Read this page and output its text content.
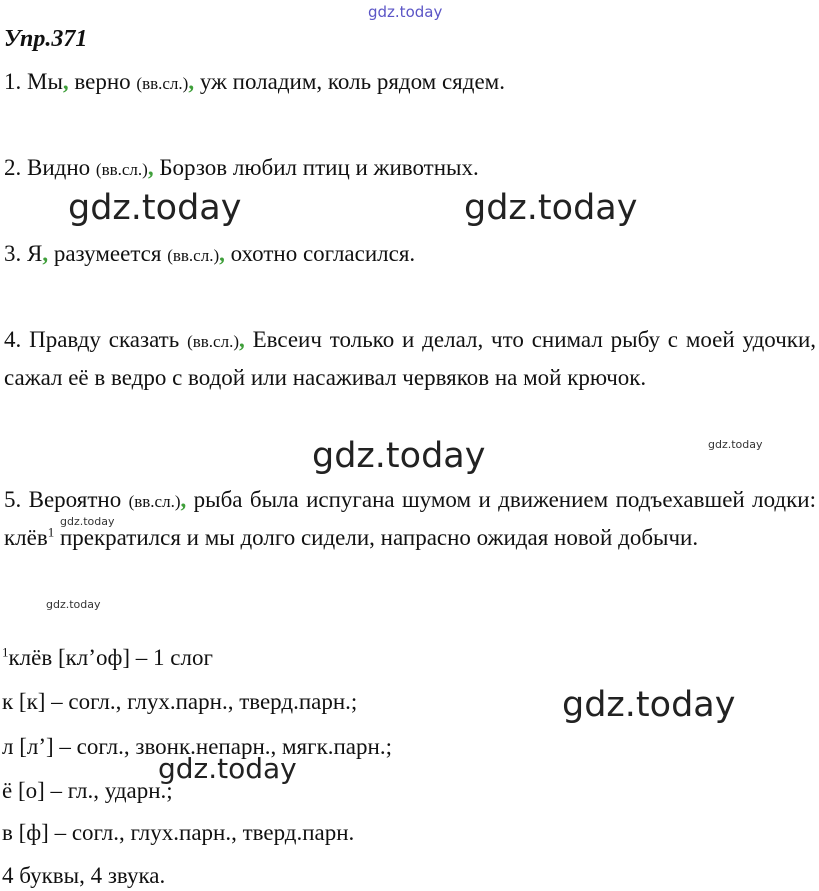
gdz.today
Упр.371

1. Мы, верно (вв.сл.), уж поладим, коль рядом сядем.

2. Видно (вв.сл.), Борзов любил птиц и животных.

gdz.today	gdz.today

3. Я, разумеется (вв.сл.), охотно согласился.

4. Правду сказать (вв.сл.), Евсеич только и делал, что снимал рыбу с моей удочки, сажал её в ведро с водой или насаживал червяков на мой крючок.

gdz.today	gdz.today

5. Вероятно (вв.сл.), рыба была испугана шумом и движением подъехавшей лодки: клёв$^1$ прекратился и мы долго сидели, напрасно ожидая новой добычи.

gdz.today
gdz.today

$^1$клёв [кл’оф] – 1 слог

к [к] – согл., глух.парн., тверд.парн.;

л [л’] – согл., звонк.непарн., мягк.парн.;

ё [о] – гл., ударн.;

в [ф] – согл., глух.парн., тверд.парн.

4 буквы, 4 звука.

gdz.today
gdz.today
